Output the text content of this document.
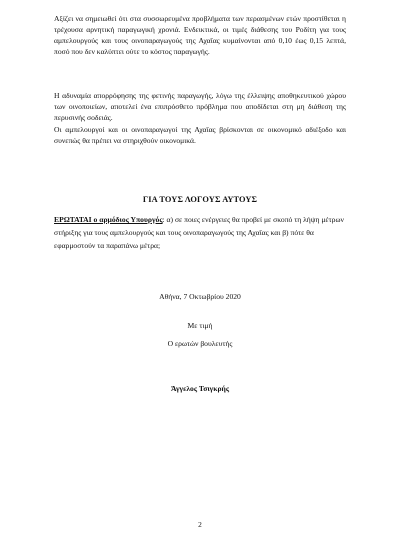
Αξίζει να σημειωθεί ότι στα συσσωρευμένα προβλήματα των περασμένων ετών προστίθεται η τρέχουσα αρνητική παραγωγική χρονιά. Ενδεικτικά, οι τιμές διάθεσης του Ροδίτη για τους αμπελουργούς και τους οινοπαραγωγούς της Αχαΐας κυμαίνονται από 0,10 έως 0,15 λεπτά, ποσό που δεν καλύπτει ούτε το κόστος παραγωγής.

Η αδυναμία απορρόφησης της φετινής παραγωγής, λόγω της έλλειψης αποθηκευτικού χώρου των οινοποιείων, αποτελεί ένα επιπρόσθετο πρόβλημα που αποδίδεται στη μη διάθεση της περυσινής σοδειάς.

Οι αμπελουργοί και οι οινοπαραγωγοί της Αχαΐας βρίσκονται σε οικονομικό αδιέξοδο και συνεπώς θα πρέπει να στηριχθούν οικονομικά.

ΓΙΑ ΤΟΥΣ ΛΟΓΟΥΣ ΑΥΤΟΥΣ

ΕΡΩΤΑΤΑΙ ο αρμόδιος Υπουργός: α) σε ποιες ενέργειες θα προβεί με σκοπό τη λήψη μέτρων στήριξης για τους αμπελουργούς και τους οινοπαραγωγούς της Αχαΐας και β) πότε θα εφαρμοστούν τα παραπάνω μέτρα;

Αθήνα, 7 Οκτωβρίου 2020
Με τιμή
Ο ερωτών βουλευτής
Άγγελος Τσιγκρής
2
